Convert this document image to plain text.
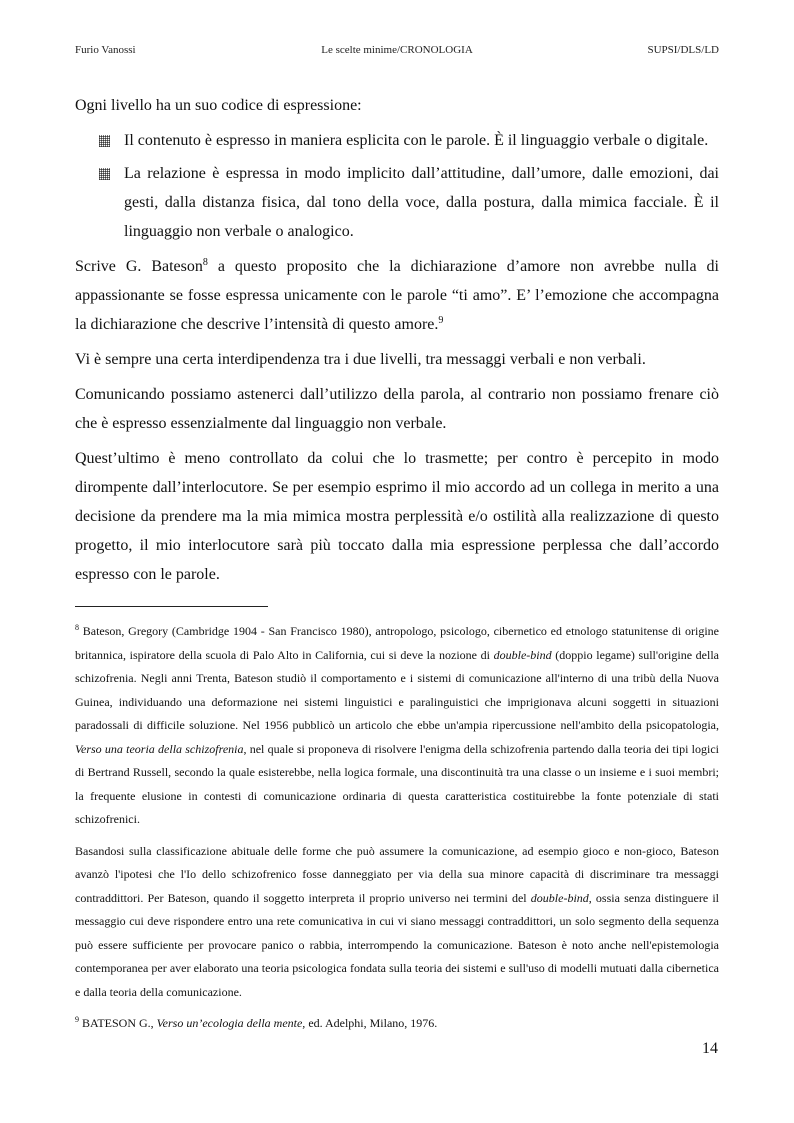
Furio Vanossi	Le scelte minime/CRONOLOGIA	SUPSI/DLS/LD

Ogni livello ha un suo codice di espressione:

Il contenuto è espresso in maniera esplicita con le parole. È il linguaggio verbale o digitale.
La relazione è espressa in modo implicito dall’attitudine, dall’umore, dalle emozioni, dai gesti, dalla distanza fisica, dal tono della voce, dalla postura, dalla mimica facciale. È il linguaggio non verbale o analogico.

Scrive G. Bateson$^8$ a questo proposito che la dichiarazione d’amore non avrebbe nulla di appassionante se fosse espressa unicamente con le parole “ti amo”. E’ l’emozione che accompagna la dichiarazione che descrive l’intensità di questo amore.$^9$

Vi è sempre una certa interdipendenza tra i due livelli, tra messaggi verbali e non verbali.

Comunicando possiamo astenerci dall’utilizzo della parola, al contrario non possiamo frenare ciò che è espresso essenzialmente dal linguaggio non verbale.

Quest’ultimo è meno controllato da colui che lo trasmette; per contro è percepito in modo dirompente dall’interlocutore. Se per esempio esprimo il mio accordo ad un collega in merito a una decisione da prendere ma la mia mimica mostra perplessità e/o ostilità alla realizzazione di questo progetto, il mio interlocutore sarà più toccato dalla mia espressione perplessa che dall’accordo espresso con le parole.

$^8$ Bateson, Gregory (Cambridge 1904 - San Francisco 1980), antropologo, psicologo, cibernetico ed etnologo statunitense di origine britannica, ispiratore della scuola di Palo Alto in California, cui si deve la nozione di double-bind (doppio legame) sull'origine della schizofrenia. Negli anni Trenta, Bateson studiò il comportamento e i sistemi di comunicazione all'interno di una tribù della Nuova Guinea, individuando una deformazione nei sistemi linguistici e paralinguistici che imprigionava alcuni soggetti in situazioni paradossali di difficile soluzione. Nel 1956 pubblicò un articolo che ebbe un'ampia ripercussione nell'ambito della psicopatologia, Verso una teoria della schizofrenia, nel quale si proponeva di risolvere l'enigma della schizofrenia partendo dalla teoria dei tipi logici di Bertrand Russell, secondo la quale esisterebbe, nella logica formale, una discontinuità tra una classe o un insieme e i suoi membri; la frequente elusione in contesti di comunicazione ordinaria di questa caratteristica costituirebbe la fonte potenziale di stati schizofrenici.

Basandosi sulla classificazione abituale delle forme che può assumere la comunicazione, ad esempio gioco e non-gioco, Bateson avanzò l'ipotesi che l'Io dello schizofrenico fosse danneggiato per via della sua minore capacità di discriminare tra messaggi contraddittori. Per Bateson, quando il soggetto interpreta il proprio universo nei termini del double-bind, ossia senza distinguere il messaggio cui deve rispondere entro una rete comunicativa in cui vi siano messaggi contraddittori, un solo segmento della sequenza può essere sufficiente per provocare panico o rabbia, interrompendo la comunicazione. Bateson è noto anche nell'epistemologia contemporanea per aver elaborato una teoria psicologica fondata sulla teoria dei sistemi e sull'uso di modelli mutuati dalla cibernetica e dalla teoria della comunicazione.

$^9$ BATESON G., Verso un’ecologia della mente, ed. Adelphi, Milano, 1976.

14
